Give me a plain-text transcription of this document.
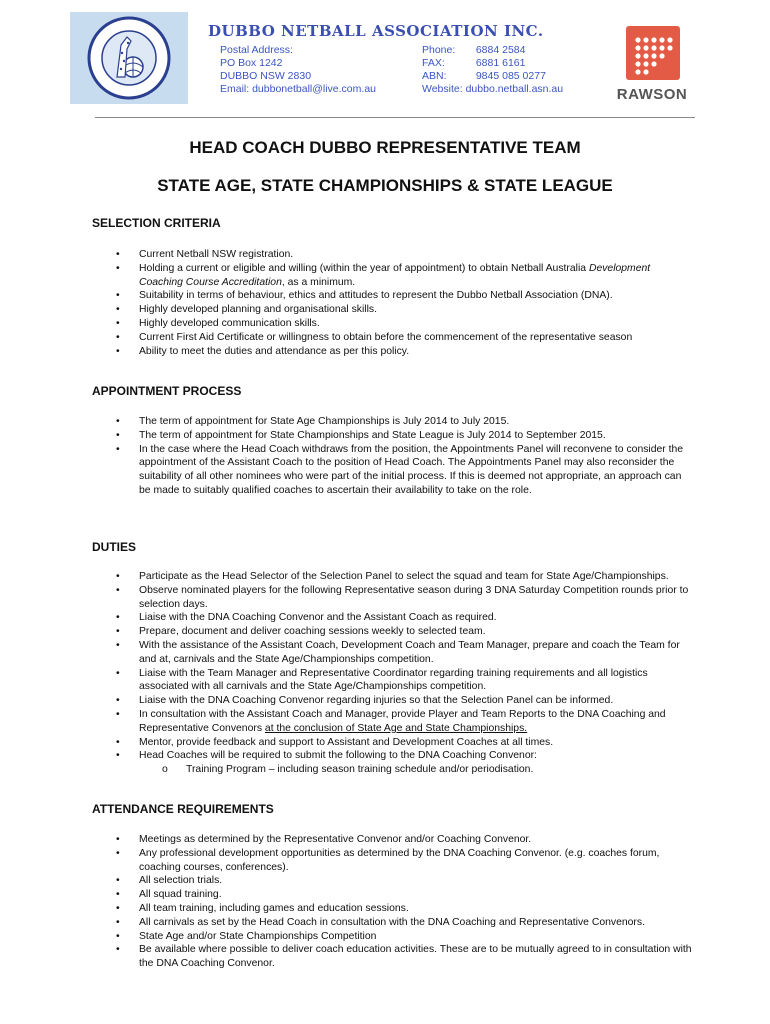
DUBBO NETBALL ASSOCIATION INC.
Postal Address:
PO Box 1242
DUBBO NSW 2830
Email: dubbonetball@live.com.au
Phone:
	6884 2584
FAX:
	6881 6161
ABN:
	9845 085 0277
Website:
dubbo.netball.asn.au	RAWSON
HEAD COACH DUBBO REPRESENTATIVE TEAM
STATE AGE, STATE CHAMPIONSHIPS & STATE LEAGUE

SELECTION CRITERIA

• Current Netball NSW registration.
• Holding a current or eligible and willing (within the year of appointment) to obtain Netball Australia Development Coaching Course Accreditation, as a minimum.
• Suitability in terms of behaviour, ethics and attitudes to represent the Dubbo Netball Association (DNA).
• Highly developed planning and organisational skills.
• Highly developed communication skills.
• Current First Aid Certificate or willingness to obtain before the commencement of the representative season
• Ability to meet the duties and attendance as per this policy.

APPOINTMENT PROCESS

• The term of appointment for State Age Championships is July 2014 to July 2015.
• The term of appointment for State Championships and State League is July 2014 to September 2015.
• In the case where the Head Coach withdraws from the position, the Appointments Panel will reconvene to consider the appointment of the Assistant Coach to the position of Head Coach. The Appointments Panel may also reconsider the suitability of all other nominees who were part of the initial process. If this is deemed not appropriate, an approach can be made to suitably qualified coaches to ascertain their availability to take on the role.

DUTIES

• Participate as the Head Selector of the Selection Panel to select the squad and team for State Age/Championships.
• Observe nominated players for the following Representative season during 3 DNA Saturday Competition rounds prior to selection days.
• Liaise with the DNA Coaching Convenor and the Assistant Coach as required.
• Prepare, document and deliver coaching sessions weekly to selected team.
• With the assistance of the Assistant Coach, Development Coach and Team Manager, prepare and coach the Team for and at, carnivals and the State Age/Championships competition.
• Liaise with the Team Manager and Representative Coordinator regarding training requirements and all logistics associated with all carnivals and the State Age/Championships competition.
• Liaise with the DNA Coaching Convenor regarding injuries so that the Selection Panel can be informed.
• In consultation with the Assistant Coach and Manager, provide Player and Team Reports to the DNA Coaching and Representative Convenors at the conclusion of State Age and State Championships.
• Mentor, provide feedback and support to Assistant and Development Coaches at all times.
• Head Coaches will be required to submit the following to the DNA Coaching Convenor:
o Training Program – including season training schedule and/or periodisation.

ATTENDANCE REQUIREMENTS

• Meetings as determined by the Representative Convenor and/or Coaching Convenor.
• Any professional development opportunities as determined by the DNA Coaching Convenor. (e.g. coaches forum, coaching courses, conferences).
• All selection trials.
• All squad training.
• All team training, including games and education sessions.
• All carnivals as set by the Head Coach in consultation with the DNA Coaching and Representative Convenors.
• State Age and/or State Championships Competition
• Be available where possible to deliver coach education activities. These are to be mutually agreed to in consultation with the DNA Coaching Convenor.
